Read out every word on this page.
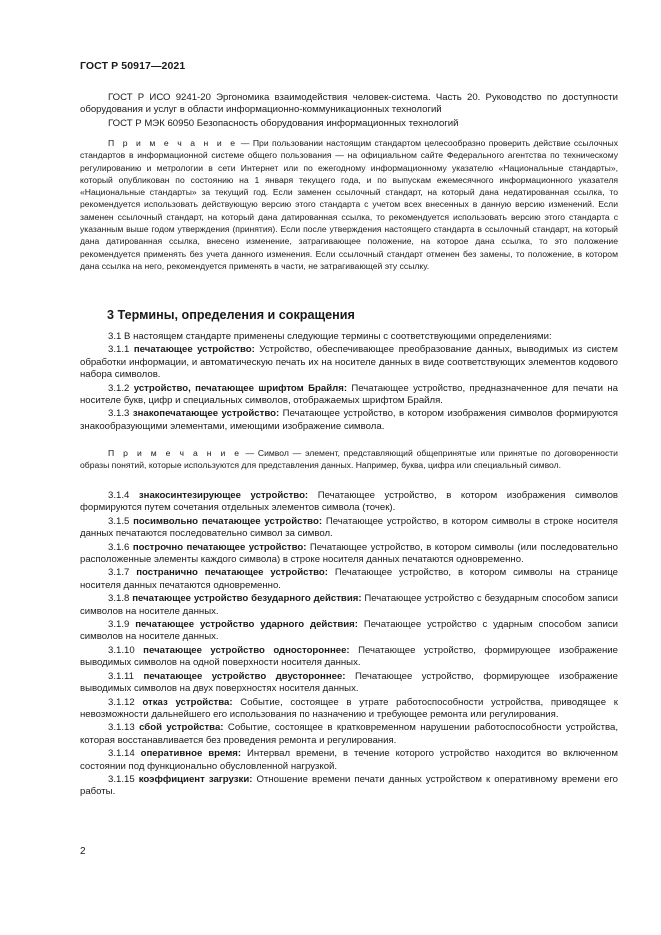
ГОСТ Р 50917—2021

ГОСТ Р ИСО 9241-20 Эргономика взаимодействия человек-система. Часть 20. Руководство по доступности оборудования и услуг в области информационно-коммуникационных технологий

ГОСТ Р МЭК 60950 Безопасность оборудования информационных технологий

П р и м е ч а н и е — При пользовании настоящим стандартом целесообразно проверить действие ссылочных стандартов в информационной системе общего пользования — на официальном сайте Федерального агентства по техническому регулированию и метрологии в сети Интернет или по ежегодному информационному указателю «Национальные стандарты», который опубликован по состоянию на 1 января текущего года, и по выпускам ежемесячного информационного указателя «Национальные стандарты» за текущий год. Если заменен ссылочный стандарт, на который дана недатированная ссылка, то рекомендуется использовать действующую версию этого стандарта с учетом всех внесенных в данную версию изменений. Если заменен ссылочный стандарт, на который дана датированная ссылка, то рекомендуется использовать версию этого стандарта с указанным выше годом утверждения (принятия). Если после утверждения настоящего стандарта в ссылочный стандарт, на который дана датированная ссылка, внесено изменение, затрагивающее положение, на которое дана ссылка, то это положение рекомендуется применять без учета данного изменения. Если ссылочный стандарт отменен без замены, то положение, в котором дана ссылка на него, рекомендуется применять в части, не затрагивающей эту ссылку.

3 Термины, определения и сокращения

3.1 В настоящем стандарте применены следующие термины с соответствующими определениями:

3.1.1 печатающее устройство: Устройство, обеспечивающее преобразование данных, выводимых из систем обработки информации, и автоматическую печать их на носителе данных в виде соответствующих элементов кодового набора символов.

3.1.2 устройство, печатающее шрифтом Брайля: Печатающее устройство, предназначенное для печати на носителе букв, цифр и специальных символов, отображаемых шрифтом Брайля.

3.1.3 знакопечатающее устройство: Печатающее устройство, в котором изображения символов формируются знакообразующими элементами, имеющими изображение символа.

П р и м е ч а н и е — Символ — элемент, представляющий общепринятые или принятые по договоренности образы понятий, которые используются для представления данных. Например, буква, цифра или специальный символ.

3.1.4 знакосинтезирующее устройство: Печатающее устройство, в котором изображения символов формируются путем сочетания отдельных элементов символа (точек).

3.1.5 посимвольно печатающее устройство: Печатающее устройство, в котором символы в строке носителя данных печатаются последовательно символ за символ.

3.1.6 построчно печатающее устройство: Печатающее устройство, в котором символы (или последовательно расположенные элементы каждого символа) в строке носителя данных печатаются одновременно.

3.1.7 постранично печатающее устройство: Печатающее устройство, в котором символы на странице носителя данных печатаются одновременно.

3.1.8 печатающее устройство безударного действия: Печатающее устройство с безударным способом записи символов на носителе данных.

3.1.9 печатающее устройство ударного действия: Печатающее устройство с ударным способом записи символов на носителе данных.

3.1.10 печатающее устройство одностороннее: Печатающее устройство, формирующее изображение выводимых символов на одной поверхности носителя данных.

3.1.11 печатающее устройство двустороннее: Печатающее устройство, формирующее изображение выводимых символов на двух поверхностях носителя данных.

3.1.12 отказ устройства: Событие, состоящее в утрате работоспособности устройства, приводящее к невозможности дальнейшего его использования по назначению и требующее ремонта или регулирования.

3.1.13 сбой устройства: Событие, состоящее в кратковременном нарушении работоспособности устройства, которая восстанавливается без проведения ремонта и регулирования.

3.1.14 оперативное время: Интервал времени, в течение которого устройство находится во включенном состоянии под функционально обусловленной нагрузкой.

3.1.15 коэффициент загрузки: Отношение времени печати данных устройством к оперативному времени его работы.

2
